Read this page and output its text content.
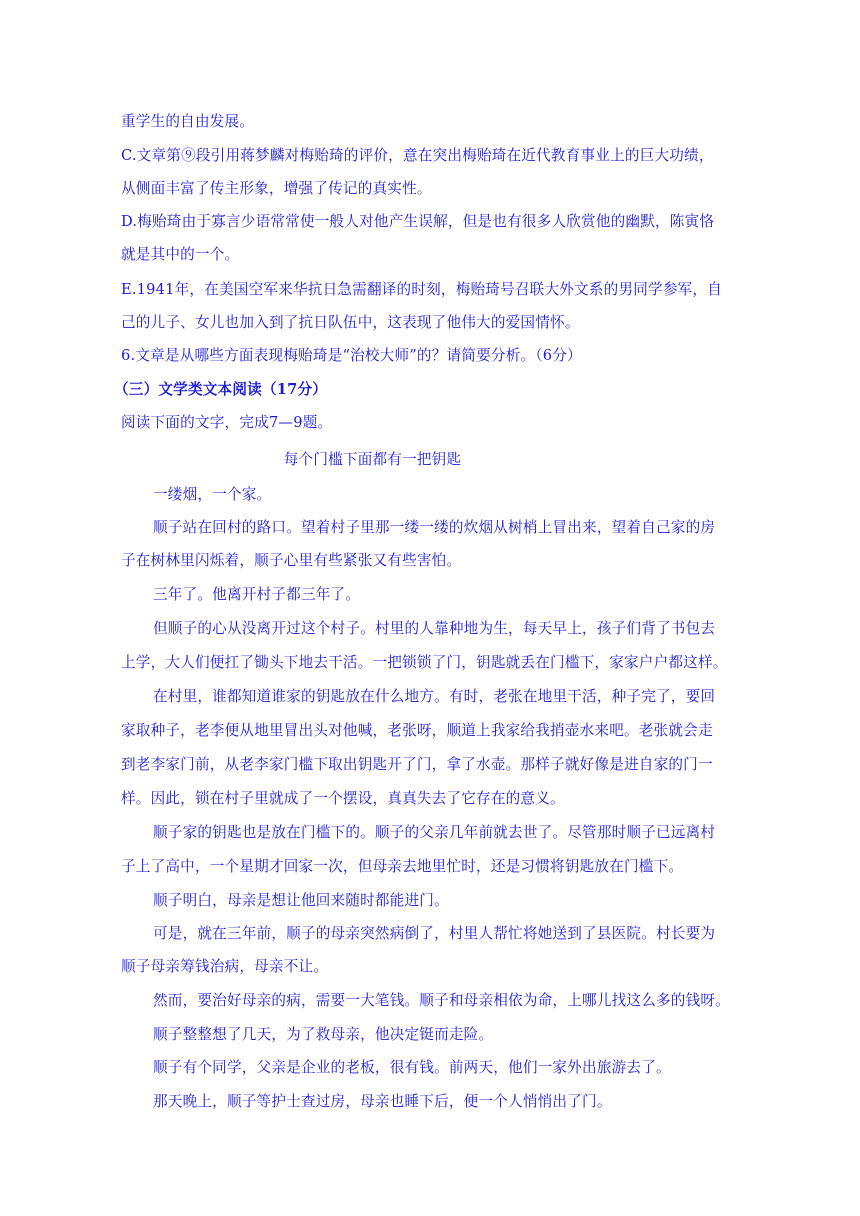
重学生的自由发展。
C.文章第⑨段引用蒋梦麟对梅贻琦的评价，意在突出梅贻琦在近代教育事业上的巨大功绩，
从侧面丰富了传主形象，增强了传记的真实性。
D.梅贻琦由于寡言少语常常使一般人对他产生误解，但是也有很多人欣赏他的幽默，陈寅恪
就是其中的一个。
E.1941年，在美国空军来华抗日急需翻译的时刻，梅贻琦号召联大外文系的男同学参军，自
己的儿子、女儿也加入到了抗日队伍中，这表现了他伟大的爱国情怀。
6.文章是从哪些方面表现梅贻琦是“治校大师”的？请简要分析。（6分）
（三）文学类文本阅读（17分）
阅读下面的文字，完成7—9题。
每个门槛下面都有一把钥匙
一缕烟，一个家。
顺子站在回村的路口。望着村子里那一缕一缕的炊烟从树梢上冒出来，望着自己家的房
子在树林里闪烁着，顺子心里有些紧张又有些害怕。
三年了。他离开村子都三年了。
但顺子的心从没离开过这个村子。村里的人靠种地为生，每天早上，孩子们背了书包去
上学，大人们便扛了锄头下地去干活。一把锁锁了门，钥匙就丢在门槛下，家家户户都这样。
在村里，谁都知道谁家的钥匙放在什么地方。有时，老张在地里干活，种子完了，要回
家取种子，老李便从地里冒出头对他喊，老张呀，顺道上我家给我捎壶水来吧。老张就会走
到老李家门前，从老李家门槛下取出钥匙开了门，拿了水壶。那样子就好像是进自家的门一
样。因此，锁在村子里就成了一个摆设，真真失去了它存在的意义。
顺子家的钥匙也是放在门槛下的。顺子的父亲几年前就去世了。尽管那时顺子已远离村
子上了高中，一个星期才回家一次，但母亲去地里忙时，还是习惯将钥匙放在门槛下。
顺子明白，母亲是想让他回来随时都能进门。
可是，就在三年前，顺子的母亲突然病倒了，村里人帮忙将她送到了县医院。村长要为
顺子母亲筹钱治病，母亲不让。
然而，要治好母亲的病，需要一大笔钱。顺子和母亲相依为命，上哪儿找这么多的钱呀。
顺子整整想了几天，为了救母亲，他决定铤而走险。
顺子有个同学，父亲是企业的老板，很有钱。前两天，他们一家外出旅游去了。
那天晚上，顺子等护士查过房，母亲也睡下后，便一个人悄悄出了门。
